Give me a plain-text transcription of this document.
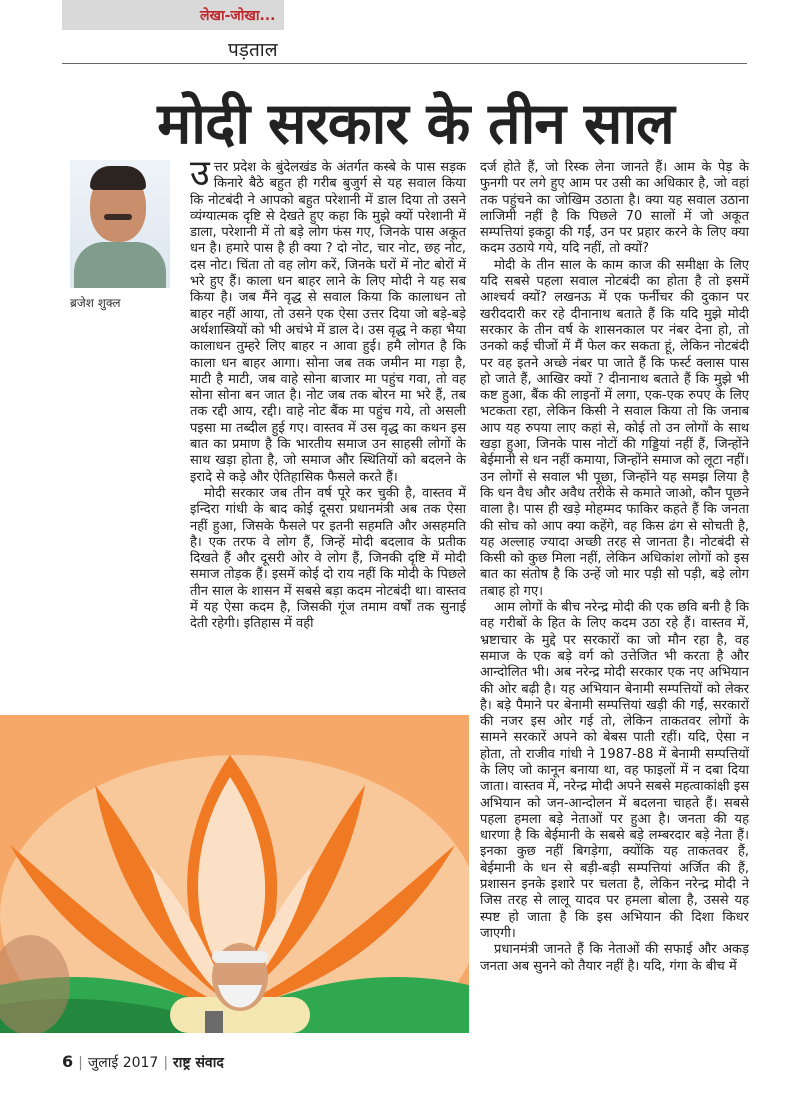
लेखा-जोखा...
पड़ताल
मोदी सरकार के तीन साल
ब्रजेश शुक्ल

उत्तर प्रदेश के बुंदेलखंड के अंतर्गत कस्बे के पास सड़क किनारे बैठे बहुत ही गरीब बुजुर्ग से यह सवाल किया कि नोटबंदी ने आपको बहुत परेशानी में डाल दिया तो उसने व्यंग्यात्मक दृष्टि से देखते हुए कहा कि मुझे क्यों परेशानी में डाला, परेशानी में तो बड़े लोग फंस गए, जिनके पास अकूत धन है। हमारे पास है ही क्या ? दो नोट, चार नोट, छह नोट, दस नोट। चिंता तो वह लोग करें, जिनके घरों में नोट बोरों में भरे हुए हैं। काला धन बाहर लाने के लिए मोदी ने यह सब किया है। जब मैंने वृद्ध से सवाल किया कि कालाधन तो बाहर नहीं आया, तो उसने एक ऐसा उत्तर दिया जो बड़े-बड़े अर्थशास्त्रियों को भी अचंभे में डाल दे। उस वृद्ध ने कहा भैया कालाधन तुम्हरे लिए बाहर न आवा हुई। हमै लोगत है कि काला धन बाहर आगा। सोना जब तक जमीन मा गड़ा है, माटी है माटी, जब वाहे सोना बाजार मा पहुंच गवा, तो वह सोना सोना बन जात है। नोट जब तक बोरन मा भरे हैं, तब तक रद्दी आय, रद्दी। वाहे नोट बैंक मा पहुंच गये, तो असली पइसा मा तब्दील हुई गए। वास्तव में उस वृद्ध का कथन इस बात का प्रमाण है कि भारतीय समाज उन साहसी लोगों के साथ खड़ा होता है, जो समाज और स्थितियों को बदलने के इरादे से कड़े और ऐतिहासिक फैसले करते हैं।

मोदी सरकार जब तीन वर्ष पूरे कर चुकी है, वास्तव में इन्दिरा गांधी के बाद कोई दूसरा प्रधानमंत्री अब तक ऐसा नहीं हुआ, जिसके फैसले पर इतनी सहमति और असहमति है। एक तरफ वे लोग हैं, जिन्हें मोदी बदलाव के प्रतीक दिखते हैं और दूसरी ओर वे लोग हैं, जिनकी दृष्टि में मोदी समाज तोड़क हैं। इसमें कोई दो राय नहीं कि मोदी के पिछले तीन साल के शासन में सबसे बड़ा कदम नोटबंदी था। वास्तव में यह ऐसा कदम है, जिसकी गूंज तमाम वर्षों तक सुनाई देती रहेगी। इतिहास में वही

दर्ज होते हैं, जो रिस्क लेना जानते हैं। आम के पेड़ के फुनगी पर लगे हुए आम पर उसी का अधिकार है, जो वहां तक पहुंचने का जोखिम उठाता है। क्या यह सवाल उठाना लाजिमी नहीं है कि पिछले 70 सालों में जो अकूत सम्पत्तियां इकट्ठा की गईं, उन पर प्रहार करने के लिए क्या कदम उठाये गये, यदि नहीं, तो क्यों?

मोदी के तीन साल के काम काज की समीक्षा के लिए यदि सबसे पहला सवाल नोटबंदी का होता है तो इसमें आश्चर्य क्यों? लखनऊ में एक फर्नीचर की दुकान पर खरीददारी कर रहे दीनानाथ बताते हैं कि यदि मुझे मोदी सरकार के तीन वर्ष के शासनकाल पर नंबर देना हो, तो उनको कई चीजों में मैं फेल कर सकता हूं, लेकिन नोटबंदी पर वह इतने अच्छे नंबर पा जाते हैं कि फर्स्ट क्लास पास हो जाते हैं, आखिर क्यों ? दीनानाथ बताते हैं कि मुझे भी कष्ट हुआ, बैंक की लाइनों में लगा, एक-एक रुपए के लिए भटकता रहा, लेकिन किसी ने सवाल किया तो कि जनाब आप यह रुपया लाए कहां से, कोई तो उन लोगों के साथ खड़ा हुआ, जिनके पास नोटों की गड्डियां नहीं हैं, जिन्होंने बेईमानी से धन नहीं कमाया, जिन्होंने समाज को लूटा नहीं। उन लोगों से सवाल भी पूछा, जिन्होंने यह समझ लिया है कि धन वैध और अवैध तरीके से कमाते जाओ, कौन पूछने वाला है। पास ही खड़े मोहम्मद फाकिर कहते हैं कि जनता की सोच को आप क्या कहेंगे, वह किस ढंग से सोचती है, यह अल्लाह ज्यादा अच्छी तरह से जानता है। नोटबंदी से किसी को कुछ मिला नहीं, लेकिन अधिकांश लोगों को इस बात का संतोष है कि उन्हें जो मार पड़ी सो पड़ी, बड़े लोग तबाह हो गए।

आम लोगों के बीच नरेन्द्र मोदी की एक छवि बनी है कि वह गरीबों के हित के लिए कदम उठा रहे हैं। वास्तव में, भ्रष्टाचार के मुद्दे पर सरकारों का जो मौन रहा है, वह समाज के एक बड़े वर्ग को उत्तेजित भी करता है और आन्दोलित भी। अब नरेन्द्र मोदी सरकार एक नए अभियान की ओर बढ़ी है। यह अभियान बेनामी सम्पत्तियों को लेकर है। बड़े पैमाने पर बेनामी सम्पत्तियां खड़ी की गईं, सरकारों की नजर इस ओर गई तो, लेकिन ताकतवर लोगों के सामने सरकारें अपने को बेबस पाती रहीं। यदि, ऐसा न होता, तो राजीव गांधी ने 1987-88 में बेनामी सम्पत्तियों के लिए जो कानून बनाया था, वह फाइलों में न दबा दिया जाता। वास्तव में, नरेन्द्र मोदी अपने सबसे महत्वाकांक्षी इस अभियान को जन-आन्दोलन में बदलना चाहते हैं। सबसे पहला हमला बड़े नेताओं पर हुआ है। जनता की यह धारणा है कि बेईमानी के सबसे बड़े लम्बरदार बड़े नेता हैं। इनका कुछ नहीं बिगड़ेगा, क्योंकि यह ताकतवर हैं, बेईमानी के धन से बड़ी-बड़ी सम्पत्तियां अर्जित की हैं, प्रशासन इनके इशारे पर चलता है, लेकिन नरेन्द्र मोदी ने जिस तरह से लालू यादव पर हमला बोला है, उससे यह स्पष्ट हो जाता है कि इस अभियान की दिशा किधर जाएगी।

प्रधानमंत्री जानते हैं कि नेताओं की सफाई और अकड़ जनता अब सुनने को तैयार नहीं है। यदि, गंगा के बीच में

6 | जुलाई 2017 | राष्ट्र संवाद
